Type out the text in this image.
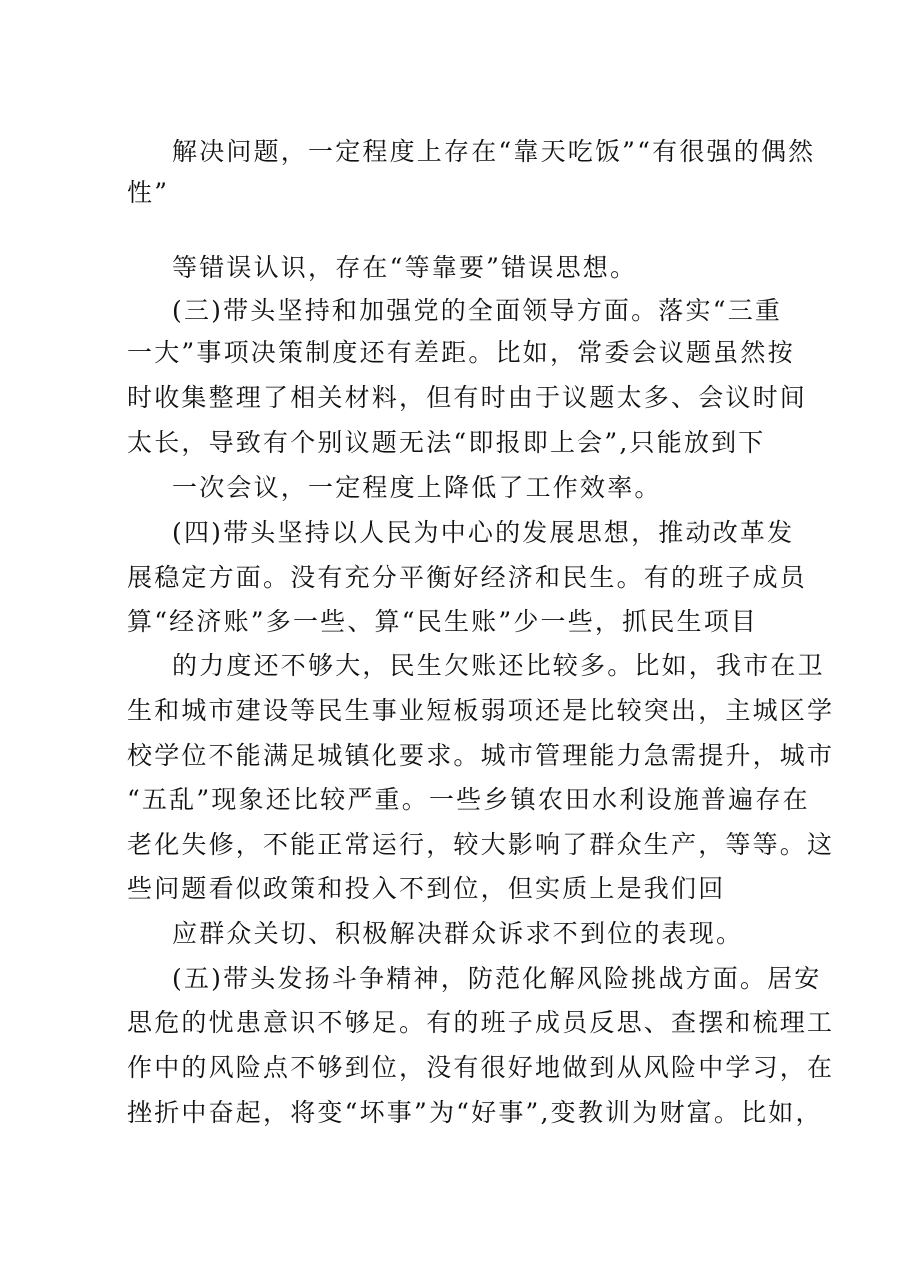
解决问题，一定程度上存在“靠天吃饭”“有很强的偶然
性”
等错误认识，存在“等靠要”错误思想。
(三)带头坚持和加强党的全面领导方面。落实“三重
一大”事项决策制度还有差距。比如，常委会议题虽然按
时收集整理了相关材料，但有时由于议题太多、会议时间
太长，导致有个别议题无法“即报即上会”,只能放到下
一次会议，一定程度上降低了工作效率。
(四)带头坚持以人民为中心的发展思想，推动改革发
展稳定方面。没有充分平衡好经济和民生。有的班子成员
算“经济账”多一些、算“民生账”少一些，抓民生项目
的力度还不够大，民生欠账还比较多。比如，我市在卫
生和城市建设等民生事业短板弱项还是比较突出，主城区学
校学位不能满足城镇化要求。城市管理能力急需提升，城市
“五乱”现象还比较严重。一些乡镇农田水利设施普遍存在
老化失修，不能正常运行，较大影响了群众生产，等等。这
些问题看似政策和投入不到位，但实质上是我们回
应群众关切、积极解决群众诉求不到位的表现。
(五)带头发扬斗争精神，防范化解风险挑战方面。居安
思危的忧患意识不够足。有的班子成员反思、查摆和梳理工
作中的风险点不够到位，没有很好地做到从风险中学习，在
挫折中奋起，将变“坏事”为“好事”,变教训为财富。比如，
